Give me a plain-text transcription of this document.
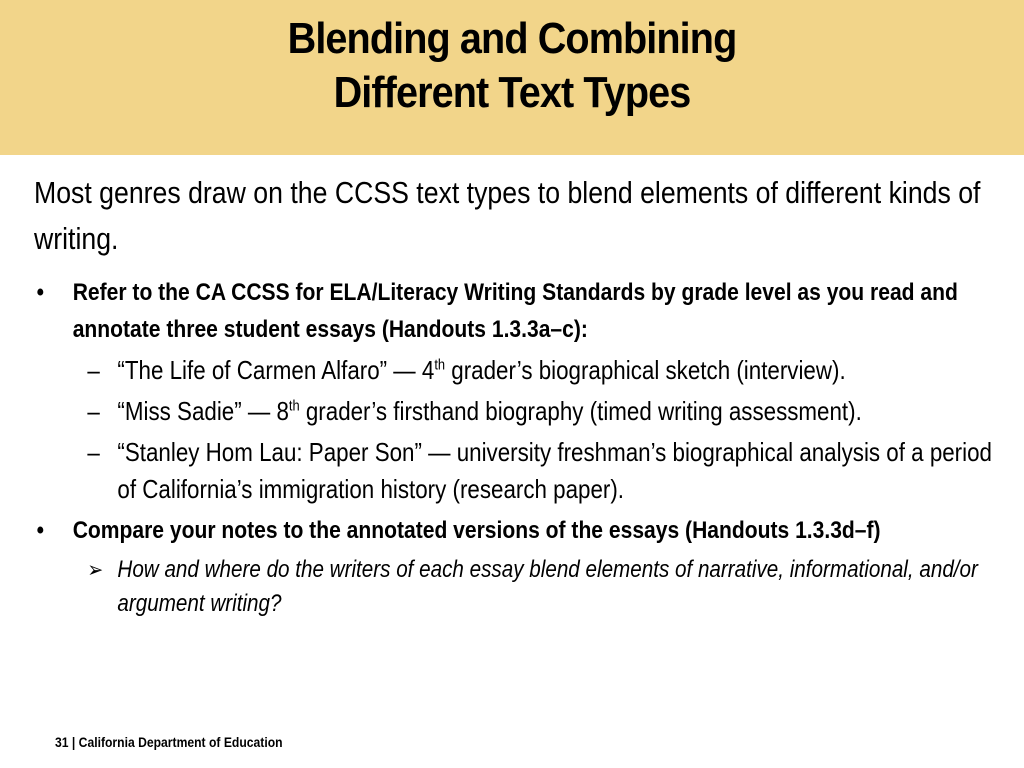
Blending and Combining
Different Text Types

Most genres draw on the CCSS text types to blend elements of different kinds of writing.

• Refer to the CA CCSS for ELA/Literacy Writing Standards by grade level as you read and annotate three student essays (Handouts 1.3.3a–c):
– “The Life of Carmen Alfaro” — 4th grader’s biographical sketch (interview).
– “Miss Sadie” — 8th grader’s firsthand biography (timed writing assessment).
– “Stanley Hom Lau: Paper Son” — university freshman’s biographical analysis of a period of California’s immigration history (research paper).
• Compare your notes to the annotated versions of the essays (Handouts 1.3.3d–f)
➢ How and where do the writers of each essay blend elements of narrative, informational, and/or argument writing?
31 | California Department of Education
